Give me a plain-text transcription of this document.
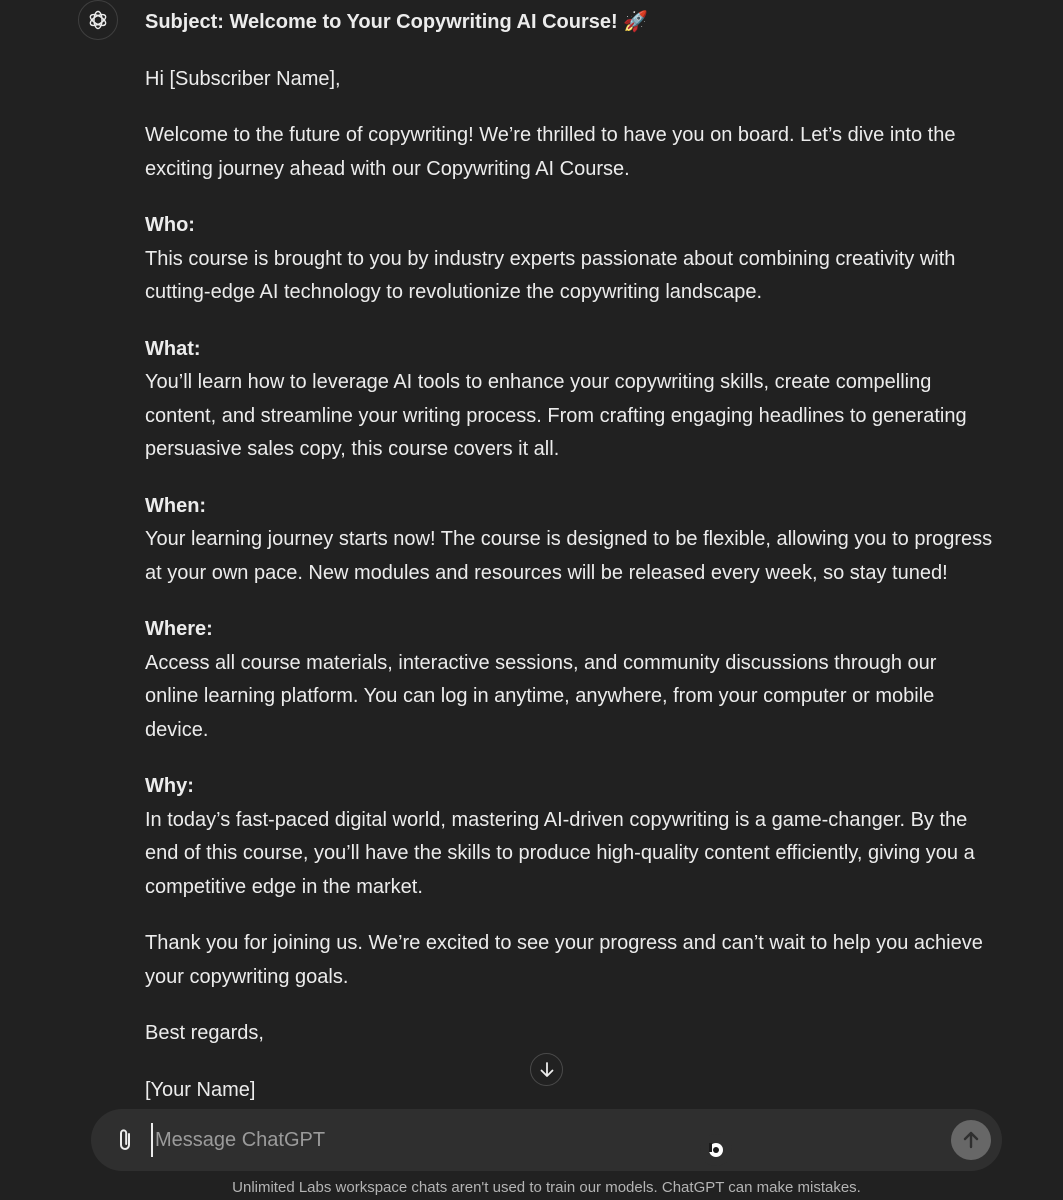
Subject: Welcome to Your Copywriting AI Course! 🚀

Hi [Subscriber Name],

Welcome to the future of copywriting! We’re thrilled to have you on board. Let’s dive into the exciting journey ahead with our Copywriting AI Course.

Who:
This course is brought to you by industry experts passionate about combining creativity with cutting-edge AI technology to revolutionize the copywriting landscape.

What:
You’ll learn how to leverage AI tools to enhance your copywriting skills, create compelling content, and streamline your writing process. From crafting engaging headlines to generating persuasive sales copy, this course covers it all.

When:
Your learning journey starts now! The course is designed to be flexible, allowing you to progress at your own pace. New modules and resources will be released every week, so stay tuned!

Where:
Access all course materials, interactive sessions, and community discussions through our online learning platform. You can log in anytime, anywhere, from your computer or mobile device.

Why:
In today’s fast-paced digital world, mastering AI-driven copywriting is a game-changer. By the end of this course, you’ll have the skills to produce high-quality content efficiently, giving you a competitive edge in the market.

Thank you for joining us. We’re excited to see your progress and can’t wait to help you achieve your copywriting goals.

Best regards,

[Your Name]

Message ChatGPT
Unlimited Labs workspace chats aren't used to train our models. ChatGPT can make mistakes.
